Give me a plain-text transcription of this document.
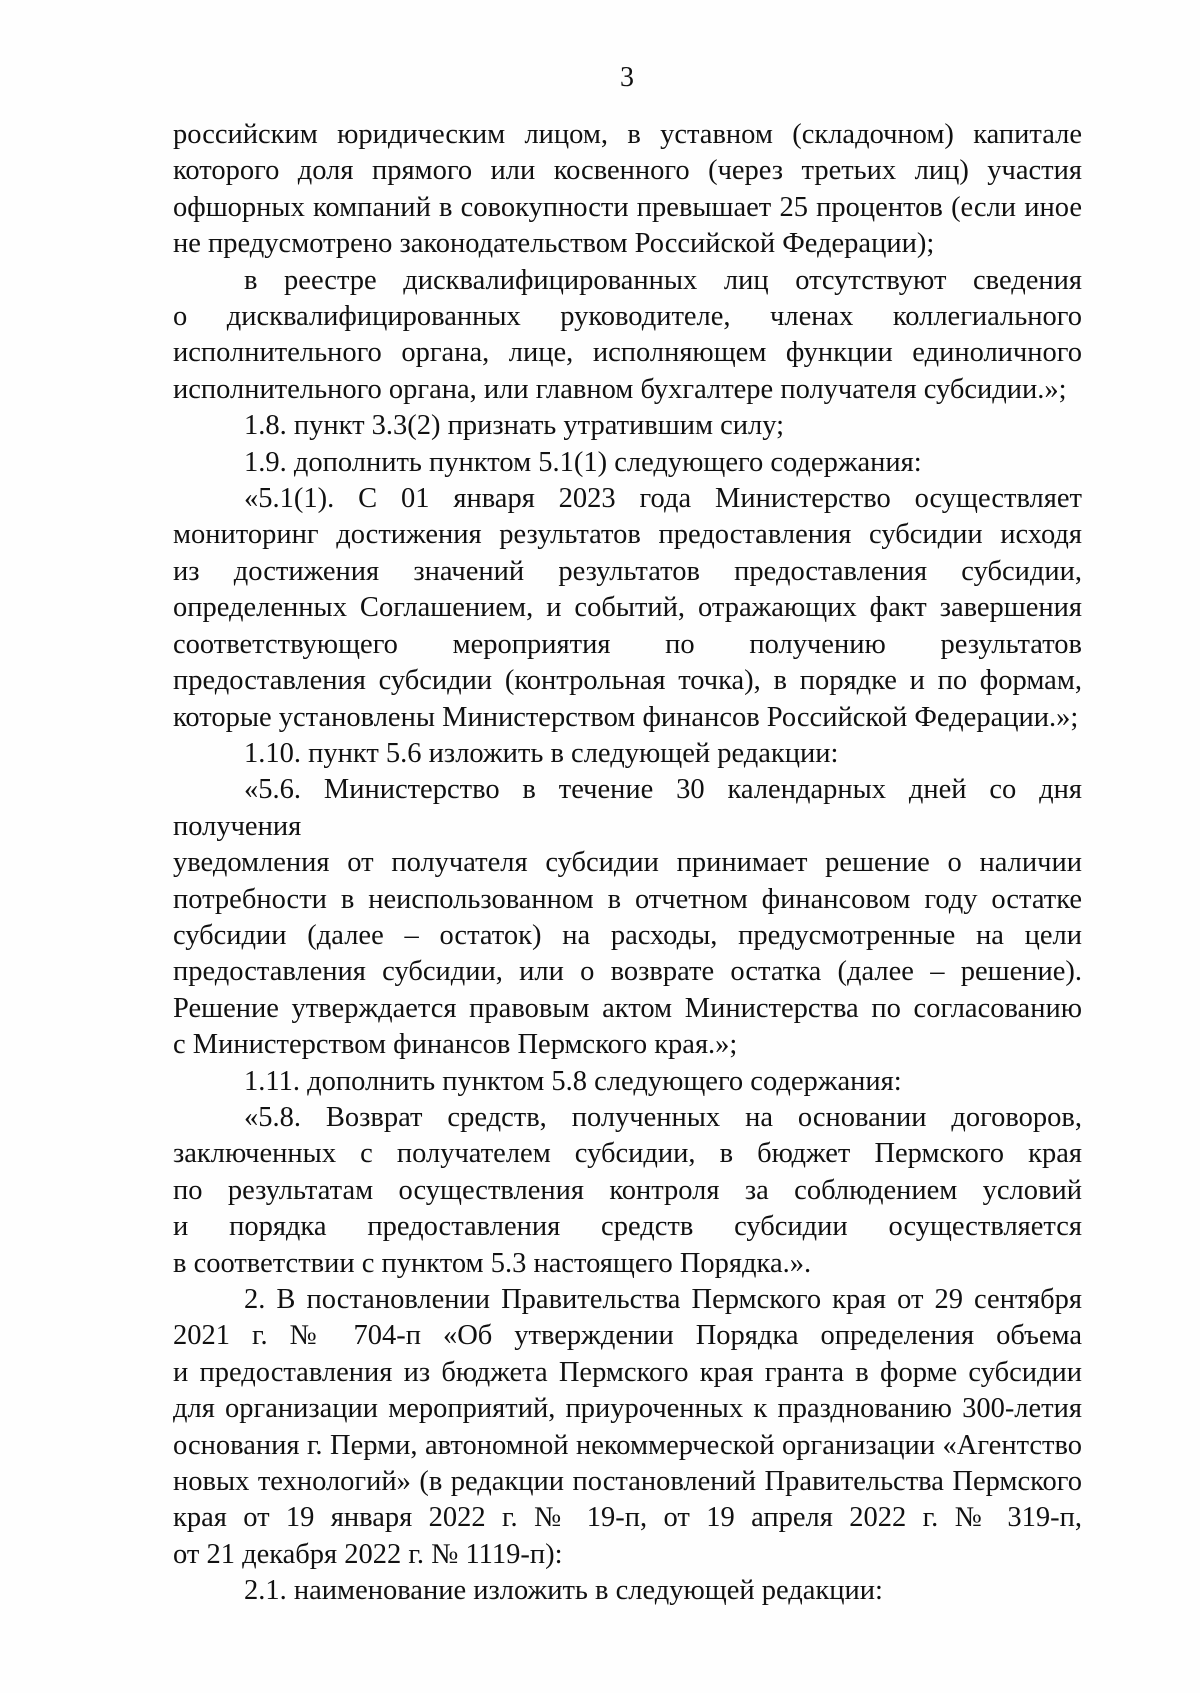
3
российским юридическим лицом, в уставном (складочном) капитале
которого доля прямого или косвенного (через третьих лиц) участия
офшорных компаний в совокупности превышает 25 процентов (если иное
не предусмотрено законодательством Российской Федерации);
в реестре дисквалифицированных лиц отсутствуют сведения
о дисквалифицированных руководителе, членах коллегиального
исполнительного органа, лице, исполняющем функции единоличного
исполнительного органа, или главном бухгалтере получателя субсидии.»;
1.8. пункт 3.3(2) признать утратившим силу;
1.9. дополнить пунктом 5.1(1) следующего содержания:
«5.1(1). С 01 января 2023 года Министерство осуществляет
мониторинг достижения результатов предоставления субсидии исходя
из достижения значений результатов предоставления субсидии,
определенных Соглашением, и событий, отражающих факт завершения
соответствующего мероприятия по получению результатов
предоставления субсидии (контрольная точка), в порядке и по формам,
которые установлены Министерством финансов Российской Федерации.»;
1.10. пункт 5.6 изложить в следующей редакции:
«5.6. Министерство в течение 30 календарных дней со дня получения
уведомления от получателя субсидии принимает решение о наличии
потребности в неиспользованном в отчетном финансовом году остатке
субсидии (далее – остаток) на расходы, предусмотренные на цели
предоставления субсидии, или о возврате остатка (далее – решение).
Решение утверждается правовым актом Министерства по согласованию
с Министерством финансов Пермского края.»;
1.11. дополнить пунктом 5.8 следующего содержания:
«5.8. Возврат средств, полученных на основании договоров,
заключенных с получателем субсидии, в бюджет Пермского края
по результатам осуществления контроля за соблюдением условий
и порядка предоставления средств субсидии осуществляется
в соответствии с пунктом 5.3 настоящего Порядка.».
2. В постановлении Правительства Пермского края от 29 сентября
2021 г. № 704-п «Об утверждении Порядка определения объема
и предоставления из бюджета Пермского края гранта в форме субсидии
для организации мероприятий, приуроченных к празднованию 300-летия
основания г. Перми, автономной некоммерческой организации «Агентство
новых технологий» (в редакции постановлений Правительства Пермского
края от 19 января 2022 г. № 19-п, от 19 апреля 2022 г. № 319-п,
от 21 декабря 2022 г. № 1119-п):
2.1. наименование изложить в следующей редакции:
